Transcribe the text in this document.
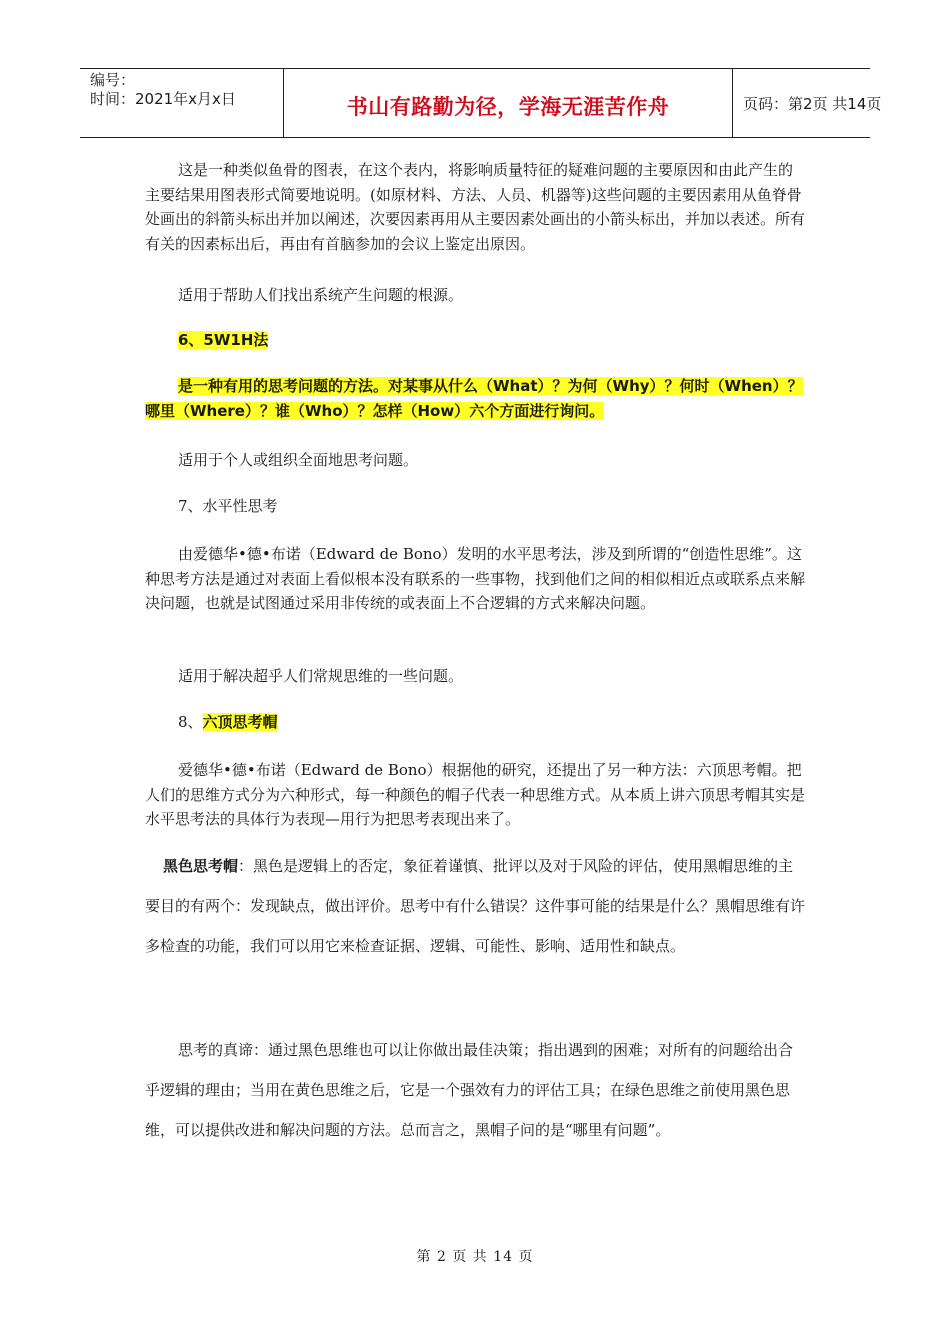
编号：
时间：2021年x月x日	书山有路勤为径，学海无涯苦作舟	页码：第2页 共14页

这是一种类似鱼骨的图表，在这个表内，将影响质量特征的疑难问题的主要原因和由此产生的主要结果用图表形式简要地说明。(如原材料、方法、人员、机器等)这些问题的主要因素用从鱼脊骨处画出的斜箭头标出并加以阐述，次要因素再用从主要因素处画出的小箭头标出，并加以表述。所有有关的因素标出后，再由有首脑参加的会议上鉴定出原因。

适用于帮助人们找出系统产生问题的根源。

6、5W1H法

是一种有用的思考问题的方法。对某事从什么（What）？为何（Why）？何时（When）？哪里（Where）？谁（Who）？怎样（How）六个方面进行询问。

适用于个人或组织全面地思考问题。

7、水平性思考

由爱德华•德•布诺（Edward de Bono）发明的水平思考法，涉及到所谓的“创造性思维”。这种思考方法是通过对表面上看似根本没有联系的一些事物，找到他们之间的相似相近点或联系点来解决问题，也就是试图通过采用非传统的或表面上不合逻辑的方式来解决问题。

适用于解决超乎人们常规思维的一些问题。

8、六顶思考帽

爱德华•德•布诺（Edward de Bono）根据他的研究，还提出了另一种方法：六顶思考帽。把人们的思维方式分为六种形式，每一种颜色的帽子代表一种思维方式。从本质上讲六顶思考帽其实是水平思考法的具体行为表现—用行为把思考表现出来了。

黑色思考帽：黑色是逻辑上的否定，象征着谨慎、批评以及对于风险的评估，使用黑帽思维的主要目的有两个：发现缺点，做出评价。思考中有什么错误？这件事可能的结果是什么？黑帽思维有许多检查的功能，我们可以用它来检查证据、逻辑、可能性、影响、适用性和缺点。

思考的真谛：通过黑色思维也可以让你做出最佳决策；指出遇到的困难；对所有的问题给出合乎逻辑的理由；当用在黄色思维之后，它是一个强效有力的评估工具；在绿色思维之前使用黑色思维，可以提供改进和解决问题的方法。总而言之，黑帽子问的是“哪里有问题”。

第 2 页 共 14 页
